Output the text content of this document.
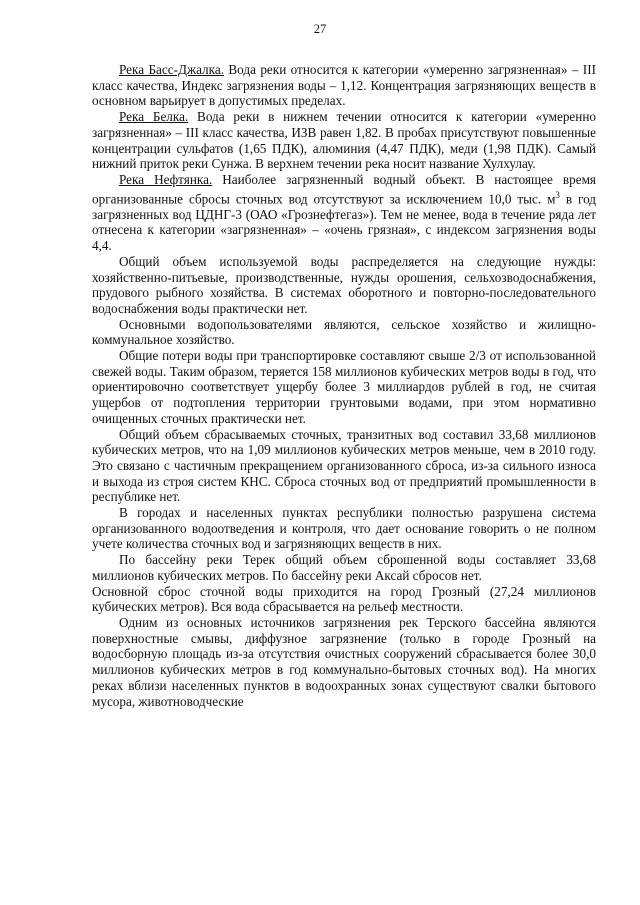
27

Река Басс-Джалка. Вода реки относится к категории «умеренно загрязненная» – III класс качества, Индекс загрязнения воды – 1,12. Концентрация загрязняющих веществ в основном варьирует в допустимых пределах.

Река Белка. Вода реки в нижнем течении относится к категории «умеренно загрязненная» – III класс качества, ИЗВ равен 1,82. В пробах присутствуют повышенные концентрации сульфатов (1,65 ПДК), алюминия (4,47 ПДК), меди (1,98 ПДК). Самый нижний приток реки Сунжа. В верхнем течении река носит название Хулхулау.

Река Нефтянка. Наиболее загрязненный водный объект. В настоящее время организованные сбросы сточных вод отсутствуют за исключением 10,0 тыс. $м^3$ в год загрязненных вод ЦДНГ-3 (ОАО «Грознефтегаз»). Тем не менее, вода в течение ряда лет отнесена к категории «загрязненная» – «очень грязная», с индексом загрязнения воды 4,4.

Общий объем используемой воды распределяется на следующие нужды: хозяйственно-питьевые, производственные, нужды орошения, сельхозводоснабжения, прудового рыбного хозяйства. В системах оборотного и повторно-последовательного водоснабжения воды практически нет.

Основными водопользователями являются, сельское хозяйство и жилищно-коммунальное хозяйство.

Общие потери воды при транспортировке составляют свыше 2/3 от использованной свежей воды. Таким образом, теряется 158 миллионов кубических метров воды в год, что ориентировочно соответствует ущербу более 3 миллиардов рублей в год, не считая ущербов от подтопления территории грунтовыми водами, при этом нормативно очищенных сточных практически нет.

Общий объем сбрасываемых сточных, транзитных вод составил 33,68 миллионов кубических метров, что на 1,09 миллионов кубических метров меньше, чем в 2010 году. Это связано с частичным прекращением организованного сброса, из-за сильного износа и выхода из строя систем КНС. Сброса сточных вод от предприятий промышленности в республике нет.

В городах и населенных пунктах республики полностью разрушена система организованного водоотведения и контроля, что дает основание говорить о не полном учете количества сточных вод и загрязняющих веществ в них.

По бассейну реки Терек общий объем сброшенной воды составляет 33,68 миллионов кубических метров. По бассейну реки Аксай сбросов нет.

Основной сброс сточной воды приходится на город Грозный (27,24 миллионов кубических метров). Вся вода сбрасывается на рельеф местности.

Одним из основных источников загрязнения рек Терского бассейна являются поверхностные смывы, диффузное загрязнение (только в городе Грозный на водосборную площадь из-за отсутствия очистных сооружений сбрасывается более 30,0 миллионов кубических метров в год коммунально-бытовых сточных вод). На многих реках вблизи населенных пунктов в водоохранных зонах существуют свалки бытового мусора, животноводческие
